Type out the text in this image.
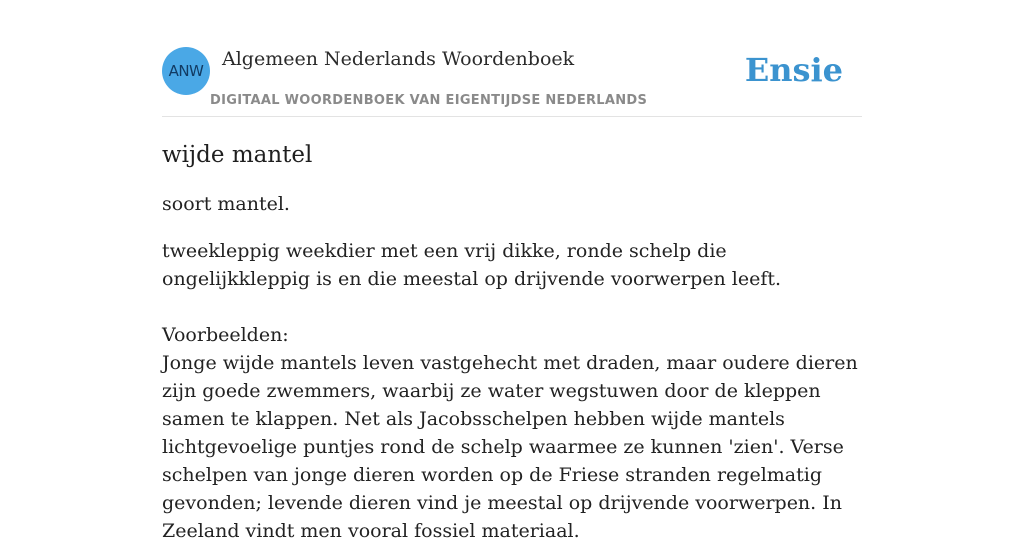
ANW
Algemeen Nederlands Woordenboek
DIGITAAL WOORDENBOEK VAN EIGENTIJDSE NEDERLANDS
Ensie
wijde mantel

soort mantel.

tweekleppig weekdier met een vrij dikke, ronde schelp die ongelijkkleppig is en die meestal op drijvende voorwerpen leeft.

Voorbeelden:
Jonge wijde mantels leven vastgehecht met draden, maar oudere dieren zijn goede zwemmers, waarbij ze water wegstuwen door de kleppen samen te klappen. Net als Jacobsschelpen hebben wijde mantels lichtgevoelige puntjes rond de schelp waarmee ze kunnen 'zien'. Verse schelpen van jonge dieren worden op de Friese stranden regelmatig gevonden; levende dieren vind je meestal op drijvende voorwerpen. In Zeeland vindt men vooral fossiel materiaal.
